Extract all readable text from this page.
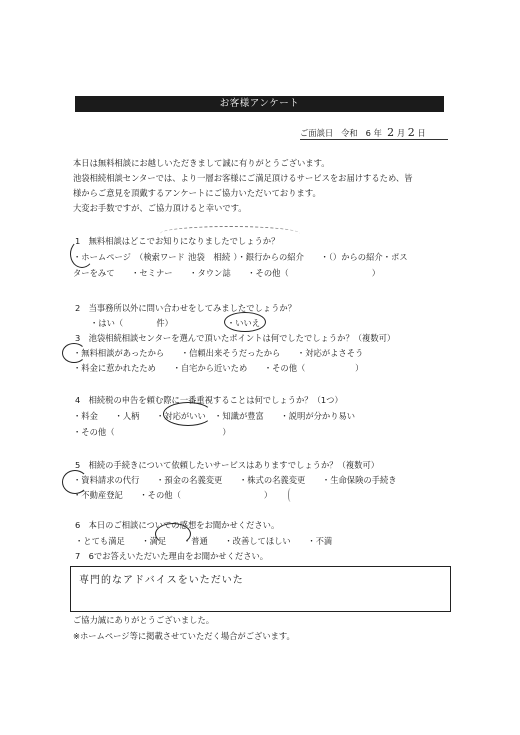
お客様アンケート
ご面談日 令和 6 年 2 月 2 日
本日は無料相談にお越しいただきまして誠に有りがとうございます。
池袋相続相談センターでは、より一層お客様にご満足頂けるサービスをお届けするため、皆
様からご意見を頂戴するアンケートにご協力いただいております。
大変お手数ですが、ご協力頂けると幸いです。
1　無料相談はどこでお知りになりましたでしょうか？
・ホームページ　（検索ワード 池袋　相続 ）・銀行からの紹介　　・（）からの紹介・ポス
ターをみて　　・セミナー　　・タウン誌　　・その他（　　　　　　　　　　）
2　当事務所以外に問い合わせをしてみましたでしょうか？
・はい（　　　　件）　　　　　　　・いいえ
3　池袋相続相談センターを選んで頂いたポイントは何でしたでしょうか？（複数可）
・無料相談があったから　　・信頼出来そうだったから　　・対応がよさそう
・料金に惹かれたため　　・自宅から近いため　　・その他（　　　　　　）
4　相続税の申告を頼む際に一番重視することは何でしょうか？（1つ）
・料金　　・人柄　　・対応がいい　・知識が豊富　　・説明が分かり易い
・その他（　　　　　　　　　　　　　）
5　相続の手続きについて依頼したいサービスはありますでしょうか？（複数可）
・資料請求の代行　　・預金の名義変更　　・株式の名義変更　　・生命保険の手続き
・不動産登記　　・その他（　　　　　　　　　　）
6　本日のご相談についての感想をお聞かせください。
・とても満足　　・満足　　・普通　　・改善してほしい　　・不満
7　6でお答えいただいた理由をお聞かせください。
専門的なアドバイスをいただいた
ご協力誠にありがとうございました。
※ホームページ等に掲載させていただく場合がございます。
